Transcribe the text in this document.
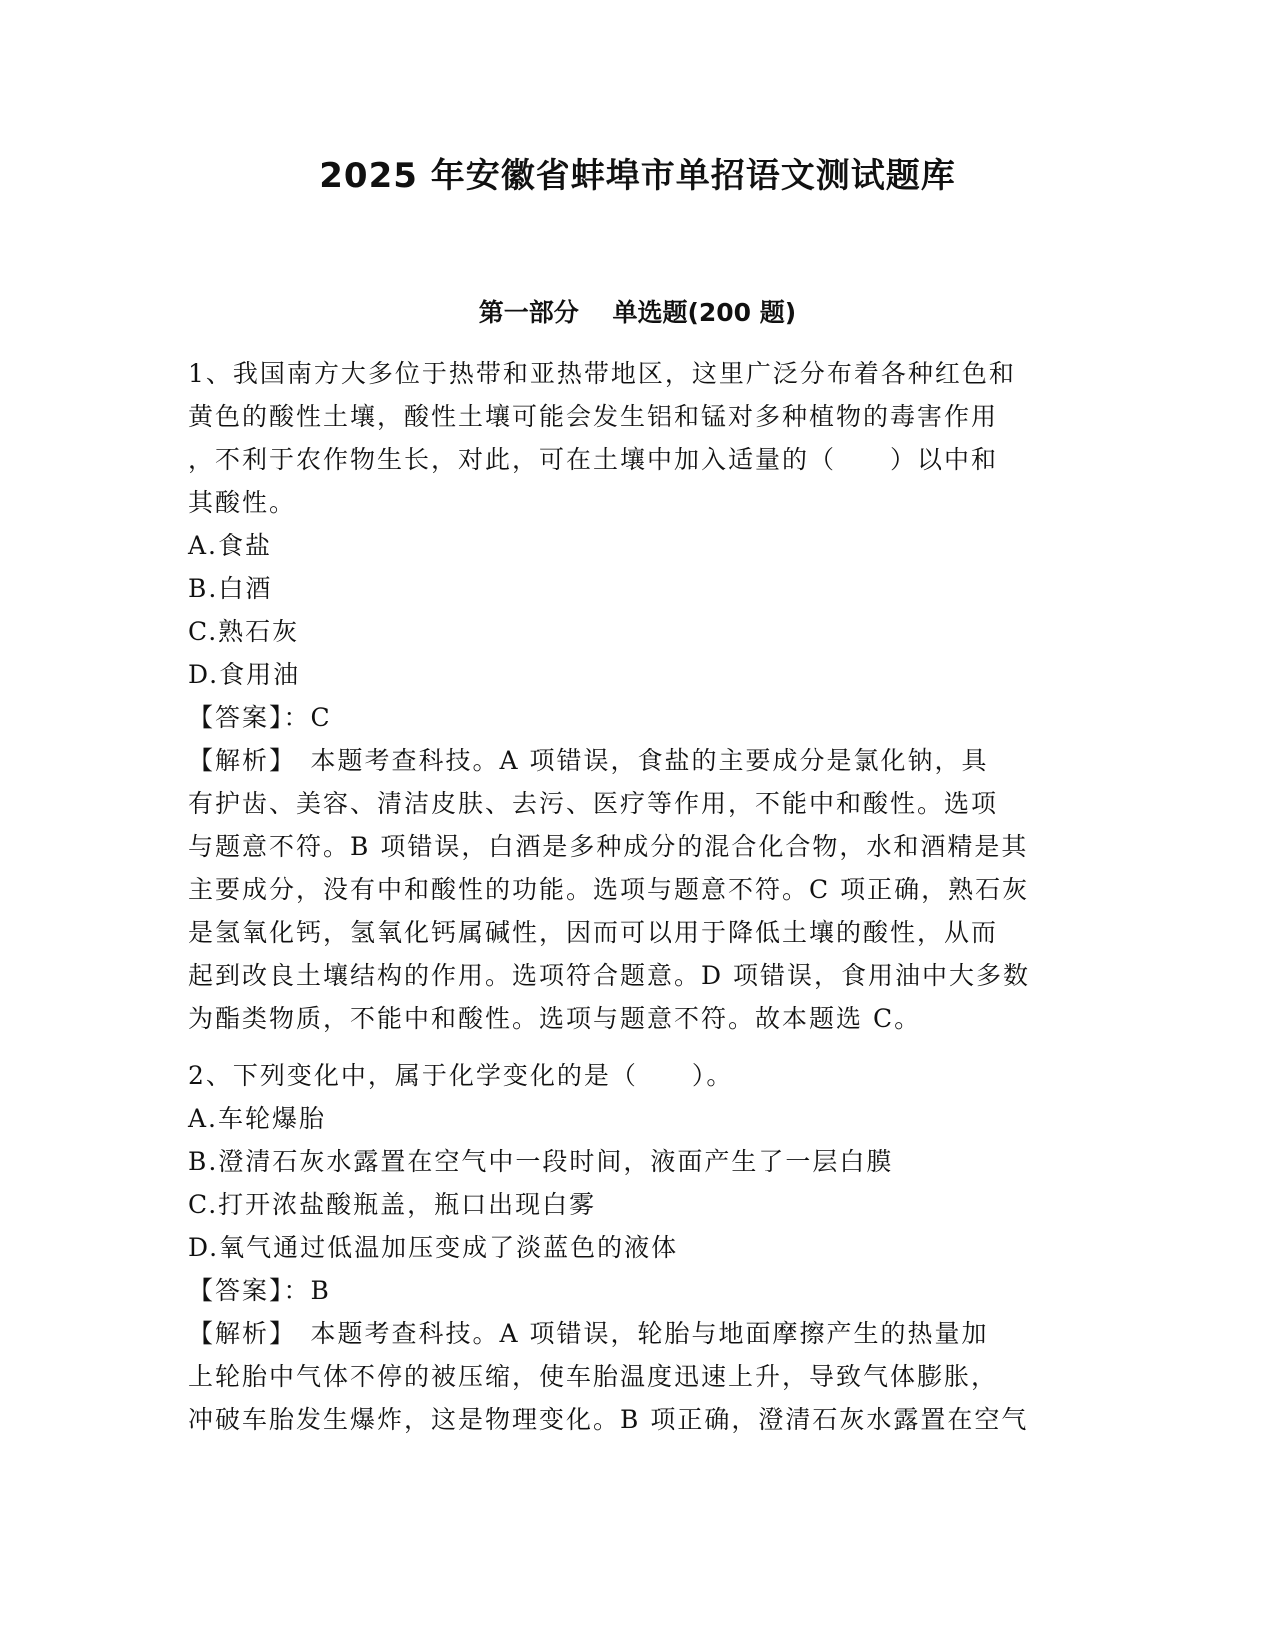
2025 年安徽省蚌埠市单招语文测试题库
第一部分　 单选题(200 题)
1、我国南方大多位于热带和亚热带地区，这里广泛分布着各种红色和
黄色的酸性土壤，酸性土壤可能会发生铝和锰对多种植物的毒害作用
，不利于农作物生长，对此，可在土壤中加入适量的（　　）以中和
其酸性。
A.食盐
B.白酒
C.熟石灰
D.食用油
【答案】：C
【解析】　本题考查科技。A 项错误，食盐的主要成分是氯化钠，具
有护齿、美容、清洁皮肤、去污、医疗等作用，不能中和酸性。选项
与题意不符。B 项错误，白酒是多种成分的混合化合物，水和酒精是其
主要成分，没有中和酸性的功能。选项与题意不符。C 项正确，熟石灰
是氢氧化钙，氢氧化钙属碱性，因而可以用于降低土壤的酸性，从而
起到改良土壤结构的作用。选项符合题意。D 项错误，食用油中大多数
为酯类物质，不能中和酸性。选项与题意不符。故本题选 C。
2、下列变化中，属于化学变化的是（　　）。
A.车轮爆胎
B.澄清石灰水露置在空气中一段时间，液面产生了一层白膜
C.打开浓盐酸瓶盖，瓶口出现白雾
D.氧气通过低温加压变成了淡蓝色的液体
【答案】：B
【解析】　本题考查科技。A 项错误，轮胎与地面摩擦产生的热量加
上轮胎中气体不停的被压缩，使车胎温度迅速上升，导致气体膨胀，
冲破车胎发生爆炸，这是物理变化。B 项正确，澄清石灰水露置在空气
